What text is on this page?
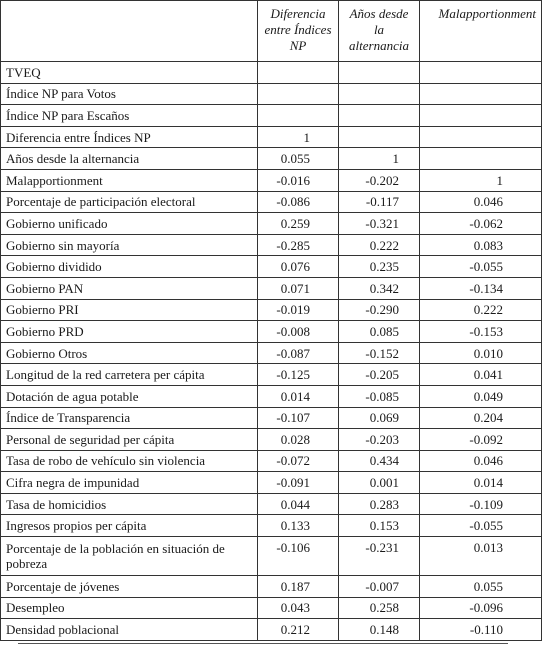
	Diferencia entre Índices NP	Años desde la alternancia	Malapportionment
TVEQ			
Índice NP para Votos			
Índice NP para Escaños			
Diferencia entre Índices NP	1		
Años desde la alternancia	0.055	1	
Malapportionment	-0.016	-0.202	1
Porcentaje de participación electoral	-0.086	-0.117	0.046
Gobierno unificado	0.259	-0.321	-0.062
Gobierno sin mayoría	-0.285	0.222	0.083
Gobierno dividido	0.076	0.235	-0.055
Gobierno PAN	0.071	0.342	-0.134
Gobierno PRI	-0.019	-0.290	0.222
Gobierno PRD	-0.008	0.085	-0.153
Gobierno Otros	-0.087	-0.152	0.010
Longitud de la red carretera per cápita	-0.125	-0.205	0.041
Dotación de agua potable	0.014	-0.085	0.049
Índice de Transparencia	-0.107	0.069	0.204
Personal de seguridad per cápita	0.028	-0.203	-0.092
Tasa de robo de vehículo sin violencia	-0.072	0.434	0.046
Cifra negra de impunidad	-0.091	0.001	0.014
Tasa de homicidios	0.044	0.283	-0.109
Ingresos propios per cápita	0.133	0.153	-0.055
Porcentaje de la población en situación de pobreza	-0.106	-0.231	0.013
Porcentaje de jóvenes	0.187	-0.007	0.055
Desempleo	0.043	0.258	-0.096
Densidad poblacional	0.212	0.148	-0.110
